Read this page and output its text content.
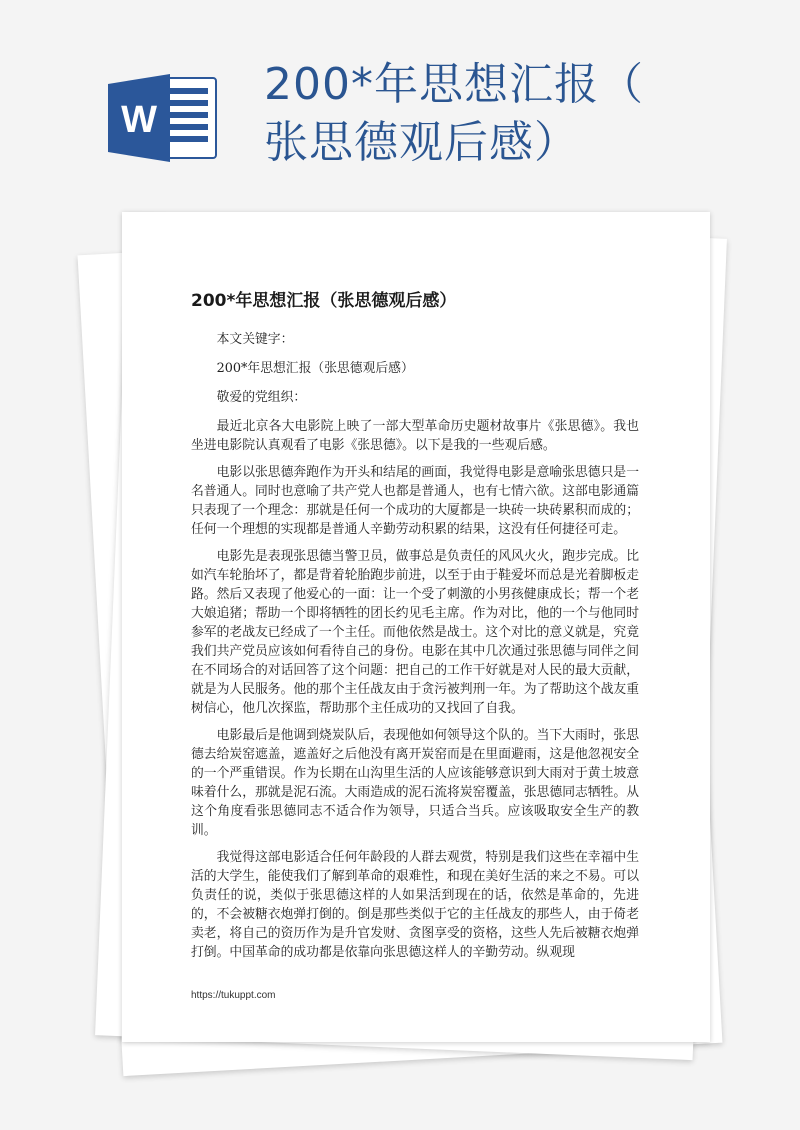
W
200*年思想汇报（
张思德观后感）
200*年思想汇报（张思德观后感）

本文关键字：

200*年思想汇报（张思德观后感）

敬爱的党组织：

最近北京各大电影院上映了一部大型革命历史题材故事片《张思德》。我也坐进电影院认真观看了电影《张思德》。以下是我的一些观后感。

电影以张思德奔跑作为开头和结尾的画面，我觉得电影是意喻张思德只是一名普通人。同时也意喻了共产党人也都是普通人，也有七情六欲。这部电影通篇只表现了一个理念：那就是任何一个成功的大厦都是一块砖一块砖累积而成的；任何一个理想的实现都是普通人辛勤劳动积累的结果，这没有任何捷径可走。

电影先是表现张思德当警卫员，做事总是负责任的风风火火，跑步完成。比如汽车轮胎坏了，都是背着轮胎跑步前进，以至于由于鞋爱坏而总是光着脚板走路。然后又表现了他爱心的一面：让一个受了刺激的小男孩健康成长；帮一个老大娘追猪；帮助一个即将牺牲的团长约见毛主席。作为对比，他的一个与他同时参军的老战友已经成了一个主任。而他依然是战士。这个对比的意义就是，究竟我们共产党员应该如何看待自己的身份。电影在其中几次通过张思德与同伴之间在不同场合的对话回答了这个问题：把自己的工作干好就是对人民的最大贡献，就是为人民服务。他的那个主任战友由于贪污被判刑一年。为了帮助这个战友重树信心，他几次探监，帮助那个主任成功的又找回了自我。

电影最后是他调到烧炭队后，表现他如何领导这个队的。当下大雨时，张思德去给炭窑遮盖，遮盖好之后他没有离开炭窑而是在里面避雨，这是他忽视安全的一个严重错误。作为长期在山沟里生活的人应该能够意识到大雨对于黄土坡意味着什么，那就是泥石流。大雨造成的泥石流将炭窑覆盖，张思德同志牺牲。从这个角度看张思德同志不适合作为领导，只适合当兵。应该吸取安全生产的教训。

我觉得这部电影适合任何年龄段的人群去观赏，特别是我们这些在幸福中生活的大学生，能使我们了解到革命的艰难性，和现在美好生活的来之不易。可以负责任的说，类似于张思德这样的人如果活到现在的话，依然是革命的，先进的，不会被糖衣炮弹打倒的。倒是那些类似于它的主任战友的那些人，由于倚老卖老，将自己的资历作为是升官发财、贪图享受的资格，这些人先后被糖衣炮弹打倒。中国革命的成功都是依靠向张思德这样人的辛勤劳动。纵观现

https://tukuppt.com
